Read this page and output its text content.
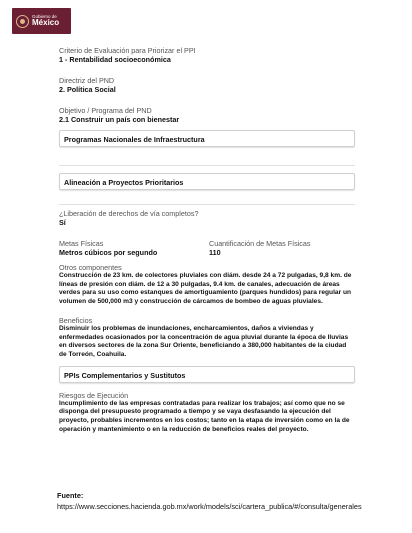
Gobierno de
México
Criterio de Evaluación para Priorizar el PPI
1 - Rentabilidad socioeconómica
Directriz del PND
2. Política Social
Objetivo / Programa del PND
2.1 Construir un país con bienestar
Programas Nacionales de Infraestructura
Alineación a Proyectos Prioritarios
¿Liberación de derechos de vía completos?
Sí
Metas Físicas
Metros cúbicos por segundo
Cuantificación de Metas Físicas
110
Otros componentes
Construcción de 23 km. de colectores pluviales con diám. desde 24 a 72 pulgadas, 9,8 km. de líneas de presión con diám. de 12 a 30 pulgadas, 9.4 km. de canales, adecuación de áreas verdes para su uso como estanques de amortiguamiento (parques hundidos) para regular un volumen de 500,000 m3 y construcción de cárcamos de bombeo de aguas pluviales.
Beneficios
Disminuir los problemas de inundaciones, encharcamientos, daños a viviendas y enfermedades ocasionados por la concentración de agua pluvial durante la época de lluvias en diversos sectores de la zona Sur Oriente, beneficiando a 380,000 habitantes de la ciudad de Torreón, Coahuila.
PPIs Complementarios y Sustitutos
Riesgos de Ejecución
Incumplimiento de las empresas contratadas para realizar los trabajos; así como que no se disponga del presupuesto programado a tiempo y se vaya desfasando la ejecución del proyecto, probables incrementos en los costos; tanto en la etapa de inversión como en la de operación y mantenimiento o en la reducción de beneficios reales del proyecto.
Fuente:
https://www.secciones.hacienda.gob.mx/work/models/sci/cartera_publica/#/consulta/generales
